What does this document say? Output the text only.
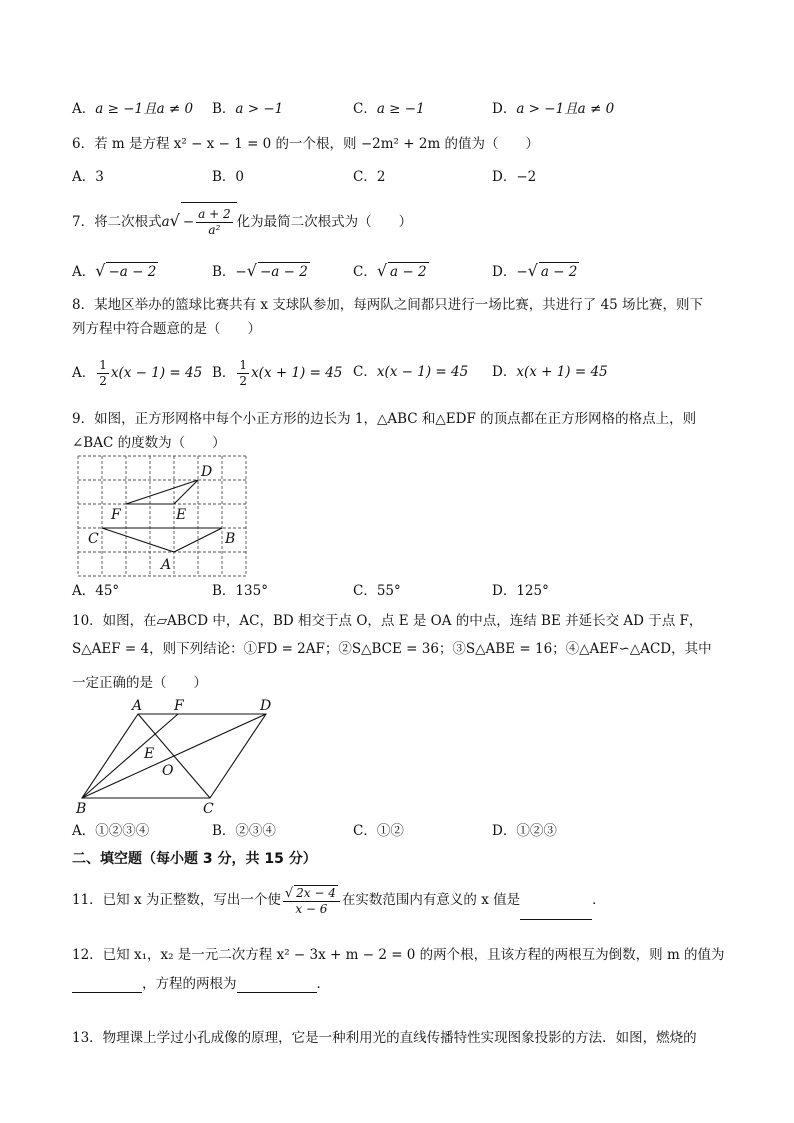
A．a ≥ −1且a ≠ 0 B．a > −1	C．a ≥ −1	D．a > −1且a ≠ 0
6．若 m 是方程 x² − x − 1 = 0 的一个根，则 −2m² + 2m 的值为（　　）
A．3	B．0	C．2	D．−2
7．将二次根式$a√ - \frac{a + 2}{\text{a²}}$ 化为最简二次根式为（　　）
A．√ −a − 2	B．−√ −a − 2	C．√ a − 2	D．−√ a − 2
8．某地区举办的篮球比赛共有 x 支球队参加，每两队之间都只进行一场比赛，共进行了 45 场比赛，则下
列方程中符合题意的是（　　）
A． $\frac{1}{2} x(x - 1) = 45$ B． $\frac{1}{2} x(x + 1) = 45$ C．x(x − 1) = 45 D．x(x + 1) = 45
9．如图，正方形网格中每个小正方形的边长为 1，△ABC 和△EDF 的顶点都在正方形网格的格点上，则
∠BAC 的度数为（　　）
D
F	E
C	B
A
A．45°	B．135°	C．55°	D．125°
10．如图，在▱ABCD 中，AC，BD 相交于点 O，点 E 是 OA 的中点，连结 BE 并延长交 AD 于点 F，
S△AEF = 4，则下列结论：①FD = 2AF；②S△BCE = 36；③S△ABE = 16；④△AEF∽△ACD，其中
一定正确的是（　　）
A F	D
E
O
B	C
A．①②③④	B．②③④	C．①②	D．①②③
二、填空题（每小题 3 分，共 15 分）
11．已知 x 为正整数，写出一个使 $\frac{√ 2x - 4}{x - 6}$ 在实数范围内有意义的 x 值是	．
12．已知 x₁，x₂ 是一元二次方程 x² − 3x + m − 2 = 0 的两个根，且该方程的两根互为倒数，则 m 的值为
，方程的两根为	．
13．物理课上学过小孔成像的原理，它是一种利用光的直线传播特性实现图象投影的方法．如图，燃烧的
